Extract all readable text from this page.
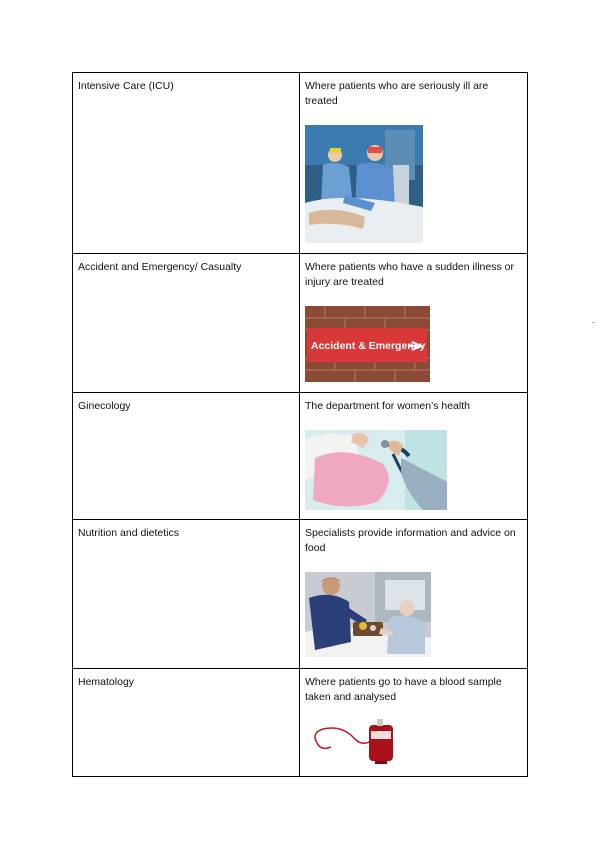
Intensive Care (ICU)	Where patients who are seriously ill are treated

Accident and Emergency/ Casualty	Where patients who have a sudden illness or injury are treated
Accident & Emergency

Ginecology	The department for women’s health

Nutrition and dietetics	Specialists provide information and advice on food

Hematology	Where patients go to have a blood sample taken and analysed
.
